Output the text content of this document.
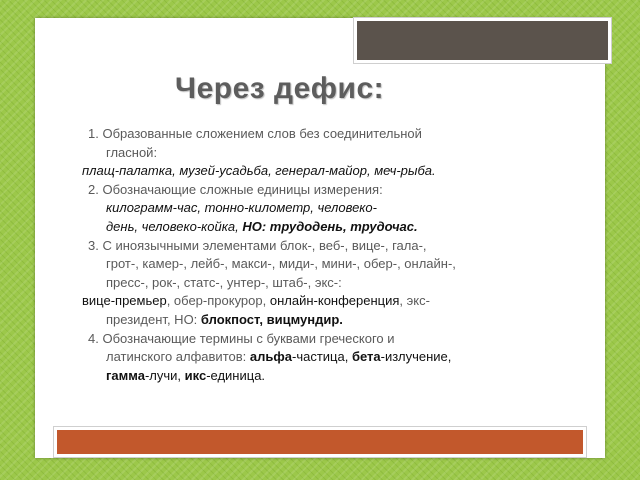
Через дефис:
1. Образованные сложением слов без соединительной
гласной:
плащ-палатка, музей-усадьба, генерал-майор, меч-рыба.
2. Обозначающие сложные единицы измерения:
килограмм-час, тонно-километр, человеко-
день, человеко-койка, НО: трудодень, трудочас.
3. С иноязычными элементами блок-, веб-, вице-, гала-,
грот-, камер-, лейб-, макси-, миди-, мини-, обер-, онлайн-,
пресс-, рок-, статс-, унтер-, штаб-, экс-:
вице-премьер, обер-прокурор, онлайн-конференция, экс-
президент, НО: блокпост, вицмундир.
4. Обозначающие термины с буквами греческого и
латинского алфавитов: альфа-частица, бета-излучение,
гамма-лучи, икс-единица.
